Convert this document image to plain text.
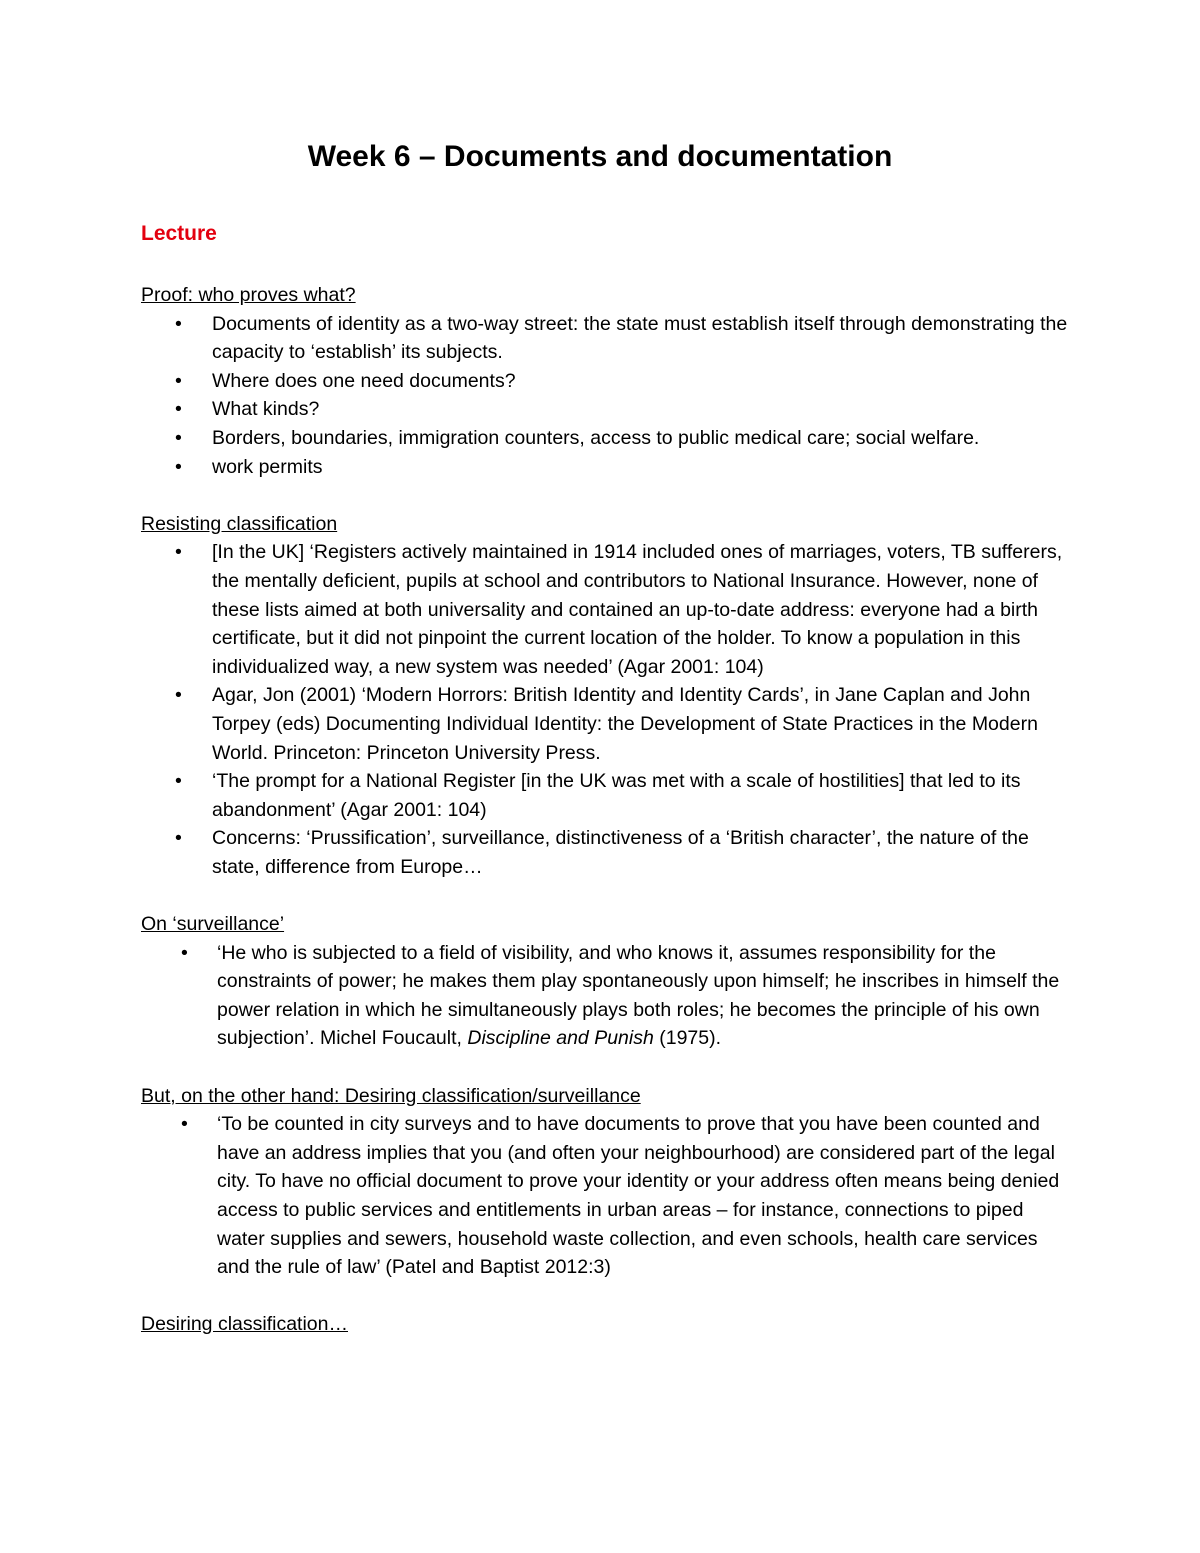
Week 6 – Documents and documentation
Lecture
Proof: who proves what?
• Documents of identity as a two-way street: the state must establish itself through demonstrating the capacity to ‘establish’ its subjects.
• Where does one need documents?
• What kinds?
• Borders, boundaries, immigration counters, access to public medical care; social welfare.
• work permits
Resisting classification
• [In the UK] ‘Registers actively maintained in 1914 included ones of marriages, voters, TB sufferers, the mentally deficient, pupils at school and contributors to National Insurance. However, none of these lists aimed at both universality and contained an up-to-date address: everyone had a birth certificate, but it did not pinpoint the current location of the holder. To know a population in this individualized way, a new system was needed’ (Agar 2001: 104)
• Agar, Jon (2001) ‘Modern Horrors: British Identity and Identity Cards’, in Jane Caplan and John Torpey (eds) Documenting Individual Identity: the Development of State Practices in the Modern World. Princeton: Princeton University Press.
• ‘The prompt for a National Register [in the UK was met with a scale of hostilities] that led to its abandonment’ (Agar 2001: 104)
• Concerns: ‘Prussification’, surveillance, distinctiveness of a ‘British character’, the nature of the state, difference from Europe…
On ‘surveillance’
• ‘He who is subjected to a field of visibility, and who knows it, assumes responsibility for the constraints of power; he makes them play spontaneously upon himself; he inscribes in himself the power relation in which he simultaneously plays both roles; he becomes the principle of his own subjection’. Michel Foucault, Discipline and Punish (1975).
But, on the other hand: Desiring classification/surveillance
• ‘To be counted in city surveys and to have documents to prove that you have been counted and have an address implies that you (and often your neighbourhood) are considered part of the legal city. To have no official document to prove your identity or your address often means being denied access to public services and entitlements in urban areas – for instance, connections to piped water supplies and sewers, household waste collection, and even schools, health care services and the rule of law’ (Patel and Baptist 2012:3)
Desiring classification…
